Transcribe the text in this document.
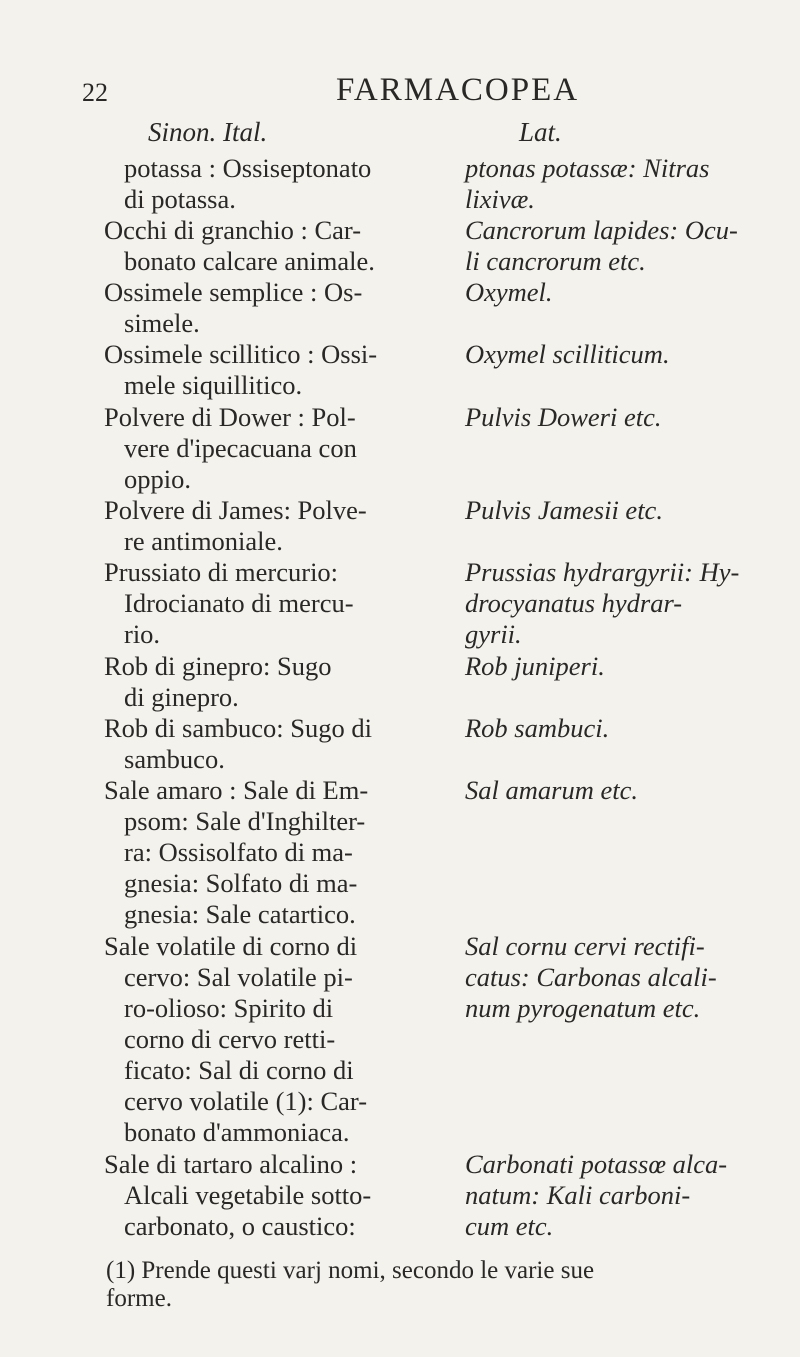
22	FARMACOPEA
Sinon. Ital.	Lat.
potassa : Ossiseptonato
di potassa.
Occhi di granchio : Car-
bonato calcare animale.
Ossimele semplice : Os-
simele.
Ossimele scillitico : Ossi-
mele siquillitico.
Polvere di Dower : Pol-
vere d'ipecacuana con
oppio.
Polvere di James: Polve-
re antimoniale.
Prussiato di mercurio:
Idrocianato di mercu-
rio.
Rob di ginepro: Sugo
di ginepro.
Rob di sambuco: Sugo di
sambuco.
Sale amaro : Sale di Em-
psom: Sale d'Inghilter-
ra: Ossisolfato di ma-
gnesia: Solfato di ma-
gnesia: Sale catartico.
Sale volatile di corno di
cervo: Sal volatile pi-
ro-olioso: Spirito di
corno di cervo retti-
ficato: Sal di corno di
cervo volatile (1): Car-
bonato d'ammoniaca.
Sale di tartaro alcalino :
Alcali vegetabile sotto-
carbonato, o caustico:
ptonas potassæ: Nitras
lixivæ.
Cancrorum lapides: Ocu-
li cancrorum etc.
Oxymel.
Oxymel scilliticum.
Pulvis Doweri etc.
Pulvis Jamesii etc.
Prussias hydrargyrii: Hy-
drocyanatus hydrar-
gyrii.
Rob juniperi.
Rob sambuci.
Sal amarum etc.
Sal cornu cervi rectifi-
catus: Carbonas alcali-
num pyrogenatum etc.
Carbonati potassœ alca-
natum: Kali carboni-
cum etc.
(1) Prende questi varj nomi, secondo le varie sue
forme.
